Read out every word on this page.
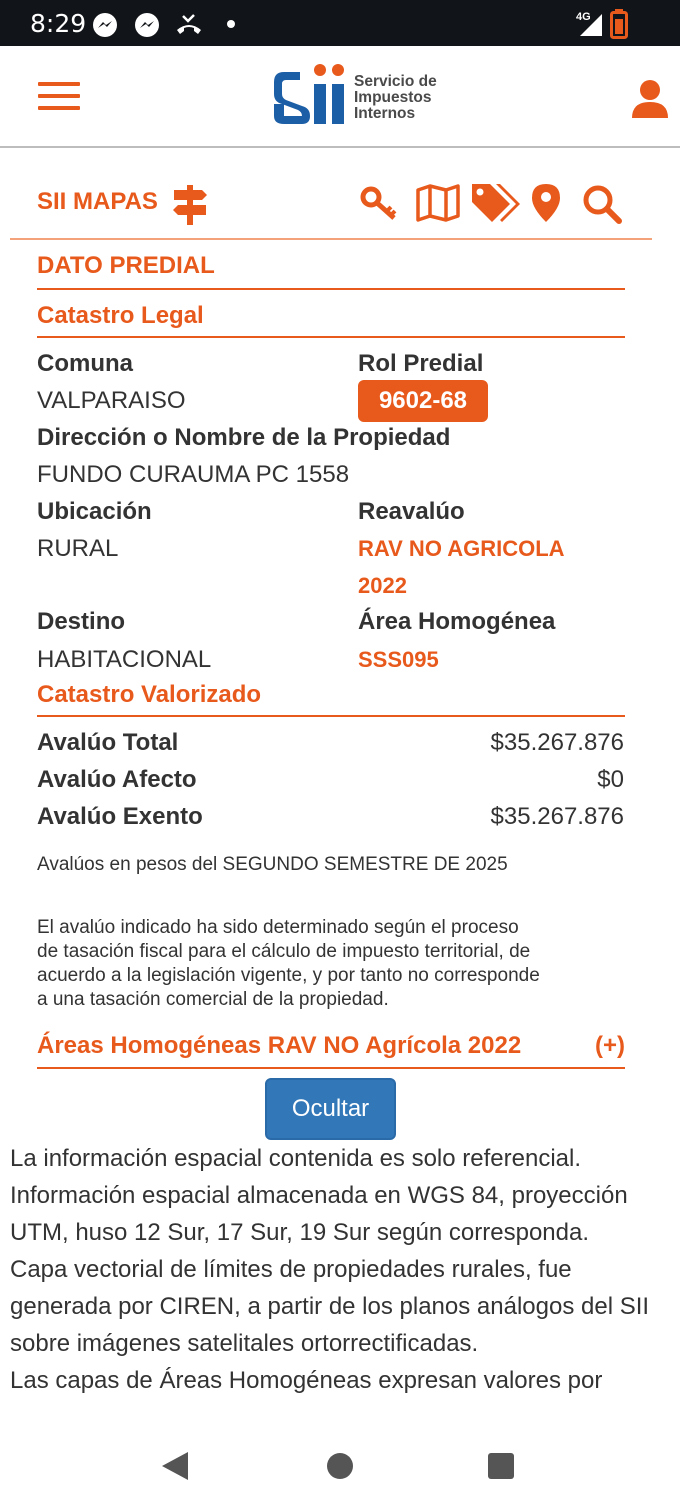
8:29	4G
Servicio de
Impuestos
Internos
SII MAPAS
DATO PREDIAL
Catastro Legal
Comuna	Rol Predial
VALPARAISO	9602-68
Dirección o Nombre de la Propiedad
FUNDO CURAUMA PC 1558
Ubicación	Reavalúo
RURAL	RAV NO AGRICOLA
2022
Destino	Área Homogénea
HABITACIONAL	SSS095
Catastro Valorizado
Avalúo Total	$35.267.876
Avalúo Afecto	$0
Avalúo Exento	$35.267.876
Avalúos en pesos del SEGUNDO SEMESTRE DE 2025
El avalúo indicado ha sido determinado según el proceso
de tasación fiscal para el cálculo de impuesto territorial, de
acuerdo a la legislación vigente, y por tanto no corresponde
a una tasación comercial de la propiedad.
Áreas Homogéneas RAV NO Agrícola 2022	(+)
Ocultar

La información espacial contenida es solo referencial. Información espacial almacenada en WGS 84, proyección UTM, huso 12 Sur, 17 Sur, 19 Sur según corresponda.

Capa vectorial de límites de propiedades rurales, fue generada por CIREN, a partir de los planos análogos del SII sobre imágenes satelitales ortorrectificadas.

Las capas de Áreas Homogéneas expresan valores por
